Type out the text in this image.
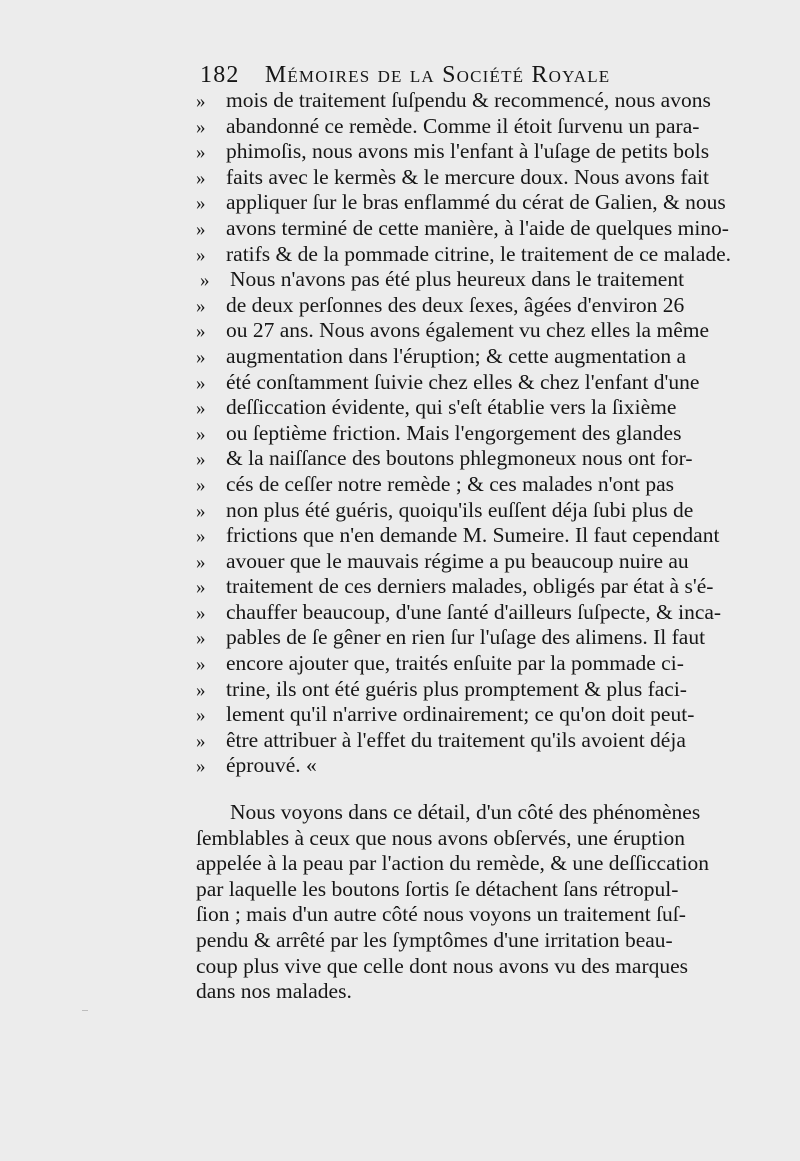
182 Mémoires de la Société Royale
» mois de traitement ſuſpendu & recommencé, nous avons
» abandonné ce remède. Comme il étoit ſurvenu un para-
» phimoſis, nous avons mis l'enfant à l'uſage de petits bols
» faits avec le kermès & le mercure doux. Nous avons fait
» appliquer ſur le bras enflammé du cérat de Galien, & nous
» avons terminé de cette manière, à l'aide de quelques mino-
» ratifs & de la pommade citrine, le traitement de ce malade.
» Nous n'avons pas été plus heureux dans le traitement
» de deux perſonnes des deux ſexes, âgées d'environ 26
» ou 27 ans. Nous avons également vu chez elles la même
» augmentation dans l'éruption; & cette augmentation a
» été conſtamment ſuivie chez elles & chez l'enfant d'une
» deſſiccation évidente, qui s'eſt établie vers la ſixième
» ou ſeptième friction. Mais l'engorgement des glandes
» & la naiſſance des boutons phlegmoneux nous ont for-
» cés de ceſſer notre remède ; & ces malades n'ont pas
» non plus été guéris, quoiqu'ils euſſent déja ſubi plus de
» frictions que n'en demande M. Sumeire. Il faut cependant
» avouer que le mauvais régime a pu beaucoup nuire au
» traitement de ces derniers malades, obligés par état à s'é-
» chauffer beaucoup, d'une ſanté d'ailleurs ſuſpecte, & inca-
» pables de ſe gêner en rien ſur l'uſage des alimens. Il faut
» encore ajouter que, traités enſuite par la pommade ci-
» trine, ils ont été guéris plus promptement & plus faci-
» lement qu'il n'arrive ordinairement; ce qu'on doit peut-
» être attribuer à l'effet du traitement qu'ils avoient déja
» éprouvé. «
Nous voyons dans ce détail, d'un côté des phénomènes
ſemblables à ceux que nous avons obſervés, une éruption
appelée à la peau par l'action du remède, & une deſſiccation
par laquelle les boutons ſortis ſe détachent ſans rétropul-
ſion ; mais d'un autre côté nous voyons un traitement ſuſ-
pendu & arrêté par les ſymptômes d'une irritation beau-
coup plus vive que celle dont nous avons vu des marques
dans nos malades.
